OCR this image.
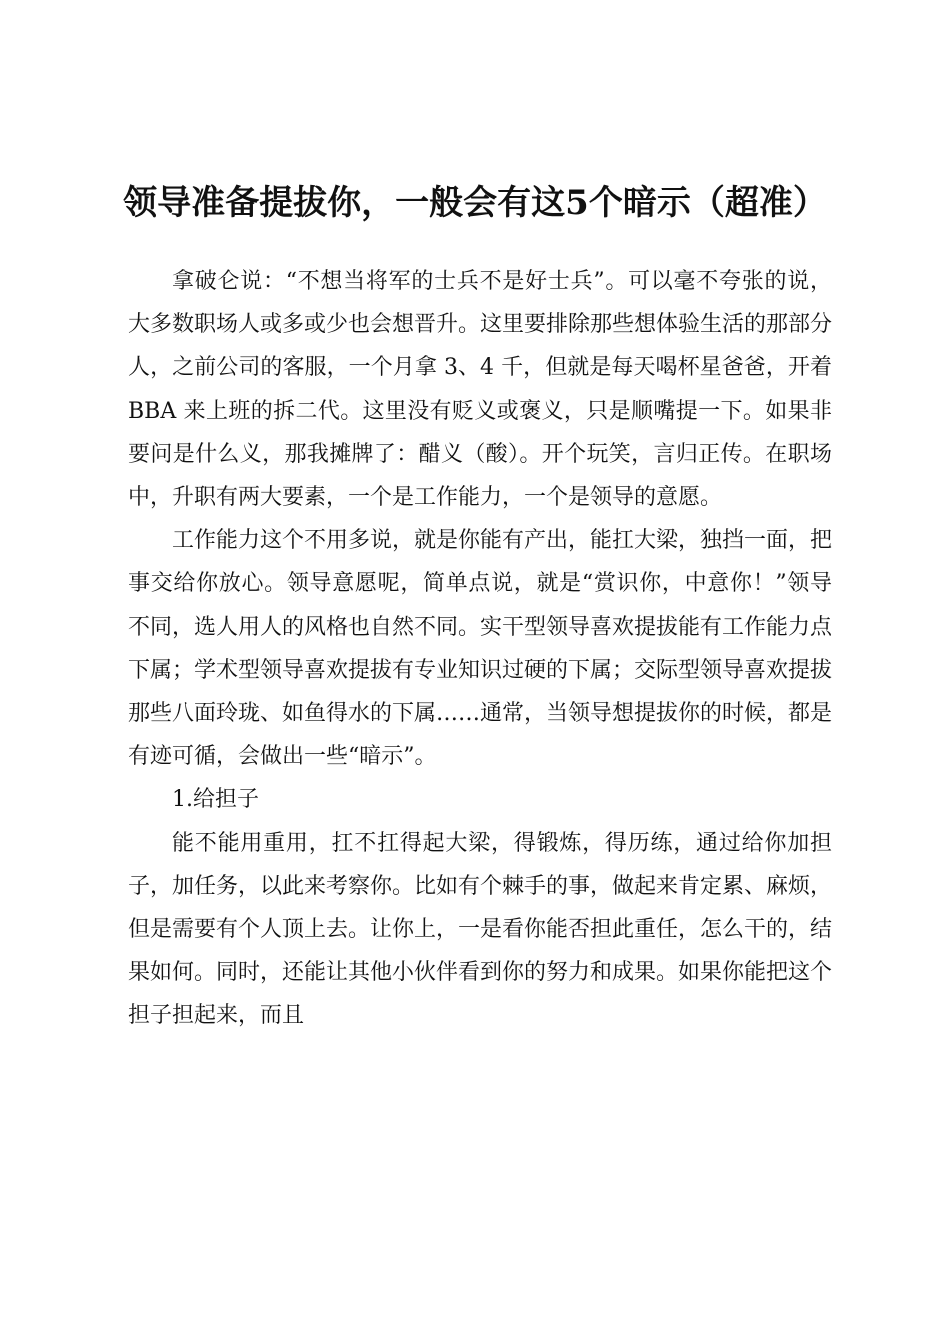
领导准备提拔你，一般会有这5个暗示（超准）

拿破仑说：“不想当将军的士兵不是好士兵”。可以毫不夸张的说，大多数职场人或多或少也会想晋升。这里要排除那些想体验生活的那部分人，之前公司的客服，一个月拿 3、4 千，但就是每天喝杯星爸爸，开着 BBA 来上班的拆二代。这里没有贬义或褒义，只是顺嘴提一下。如果非要问是什么义，那我摊牌了：醋义（酸）。开个玩笑，言归正传。在职场中，升职有两大要素，一个是工作能力，一个是领导的意愿。

工作能力这个不用多说，就是你能有产出，能扛大梁，独挡一面，把事交给你放心。领导意愿呢，简单点说，就是“赏识你，中意你！”领导不同，选人用人的风格也自然不同。实干型领导喜欢提拔能有工作能力点下属；学术型领导喜欢提拔有专业知识过硬的下属；交际型领导喜欢提拔那些八面玲珑、如鱼得水的下属……通常，当领导想提拔你的时候，都是有迹可循，会做出一些“暗示”。

1.给担子

能不能用重用，扛不扛得起大梁，得锻炼，得历练，通过给你加担子，加任务，以此来考察你。比如有个棘手的事，做起来肯定累、麻烦，但是需要有个人顶上去。让你上，一是看你能否担此重任，怎么干的，结果如何。同时，还能让其他小伙伴看到你的努力和成果。如果你能把这个担子担起来，而且
